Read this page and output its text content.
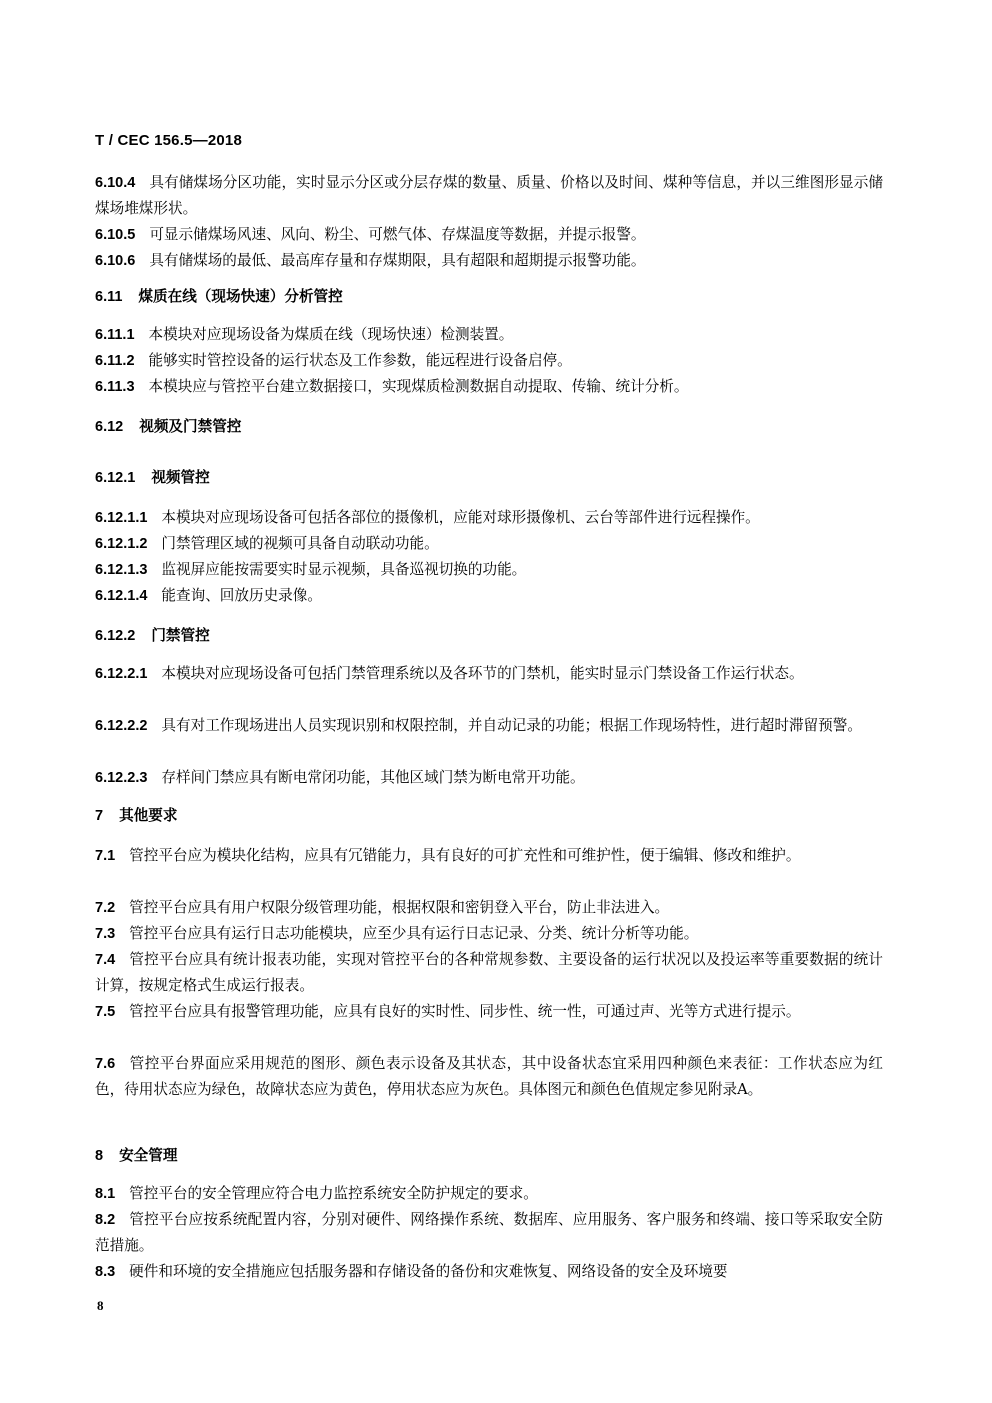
T / CEC 156.5—2018
6.10.4 具有储煤场分区功能，实时显示分区或分层存煤的数量、质量、价格以及时间、煤种等信息，并以三维图形显示储煤场堆煤形状。
6.10.5 可显示储煤场风速、风向、粉尘、可燃气体、存煤温度等数据，并提示报警。
6.10.6 具有储煤场的最低、最高库存量和存煤期限，具有超限和超期提示报警功能。
6.11 煤质在线（现场快速）分析管控
6.11.1 本模块对应现场设备为煤质在线（现场快速）检测装置。
6.11.2 能够实时管控设备的运行状态及工作参数，能远程进行设备启停。
6.11.3 本模块应与管控平台建立数据接口，实现煤质检测数据自动提取、传输、统计分析。
6.12 视频及门禁管控
6.12.1 视频管控
6.12.1.1 本模块对应现场设备可包括各部位的摄像机，应能对球形摄像机、云台等部件进行远程操作。
6.12.1.2 门禁管理区域的视频可具备自动联动功能。
6.12.1.3 监视屏应能按需要实时显示视频，具备巡视切换的功能。
6.12.1.4 能查询、回放历史录像。
6.12.2 门禁管控
6.12.2.1 本模块对应现场设备可包括门禁管理系统以及各环节的门禁机，能实时显示门禁设备工作运行状态。
6.12.2.2 具有对工作现场进出人员实现识别和权限控制，并自动记录的功能；根据工作现场特性，进行超时滞留预警。
6.12.2.3 存样间门禁应具有断电常闭功能，其他区域门禁为断电常开功能。
7 其他要求
7.1 管控平台应为模块化结构，应具有冗错能力，具有良好的可扩充性和可维护性，便于编辑、修改和维护。
7.2 管控平台应具有用户权限分级管理功能，根据权限和密钥登入平台，防止非法进入。
7.3 管控平台应具有运行日志功能模块，应至少具有运行日志记录、分类、统计分析等功能。
7.4 管控平台应具有统计报表功能，实现对管控平台的各种常规参数、主要设备的运行状况以及投运率等重要数据的统计计算，按规定格式生成运行报表。
7.5 管控平台应具有报警管理功能，应具有良好的实时性、同步性、统一性，可通过声、光等方式进行提示。
7.6 管控平台界面应采用规范的图形、颜色表示设备及其状态，其中设备状态宜采用四种颜色来表征：工作状态应为红色，待用状态应为绿色，故障状态应为黄色，停用状态应为灰色。具体图元和颜色色值规定参见附录A。
8 安全管理
8.1 管控平台的安全管理应符合电力监控系统安全防护规定的要求。
8.2 管控平台应按系统配置内容，分别对硬件、网络操作系统、数据库、应用服务、客户服务和终端、接口等采取安全防范措施。
8.3 硬件和环境的安全措施应包括服务器和存储设备的备份和灾难恢复、网络设备的安全及环境要
8
